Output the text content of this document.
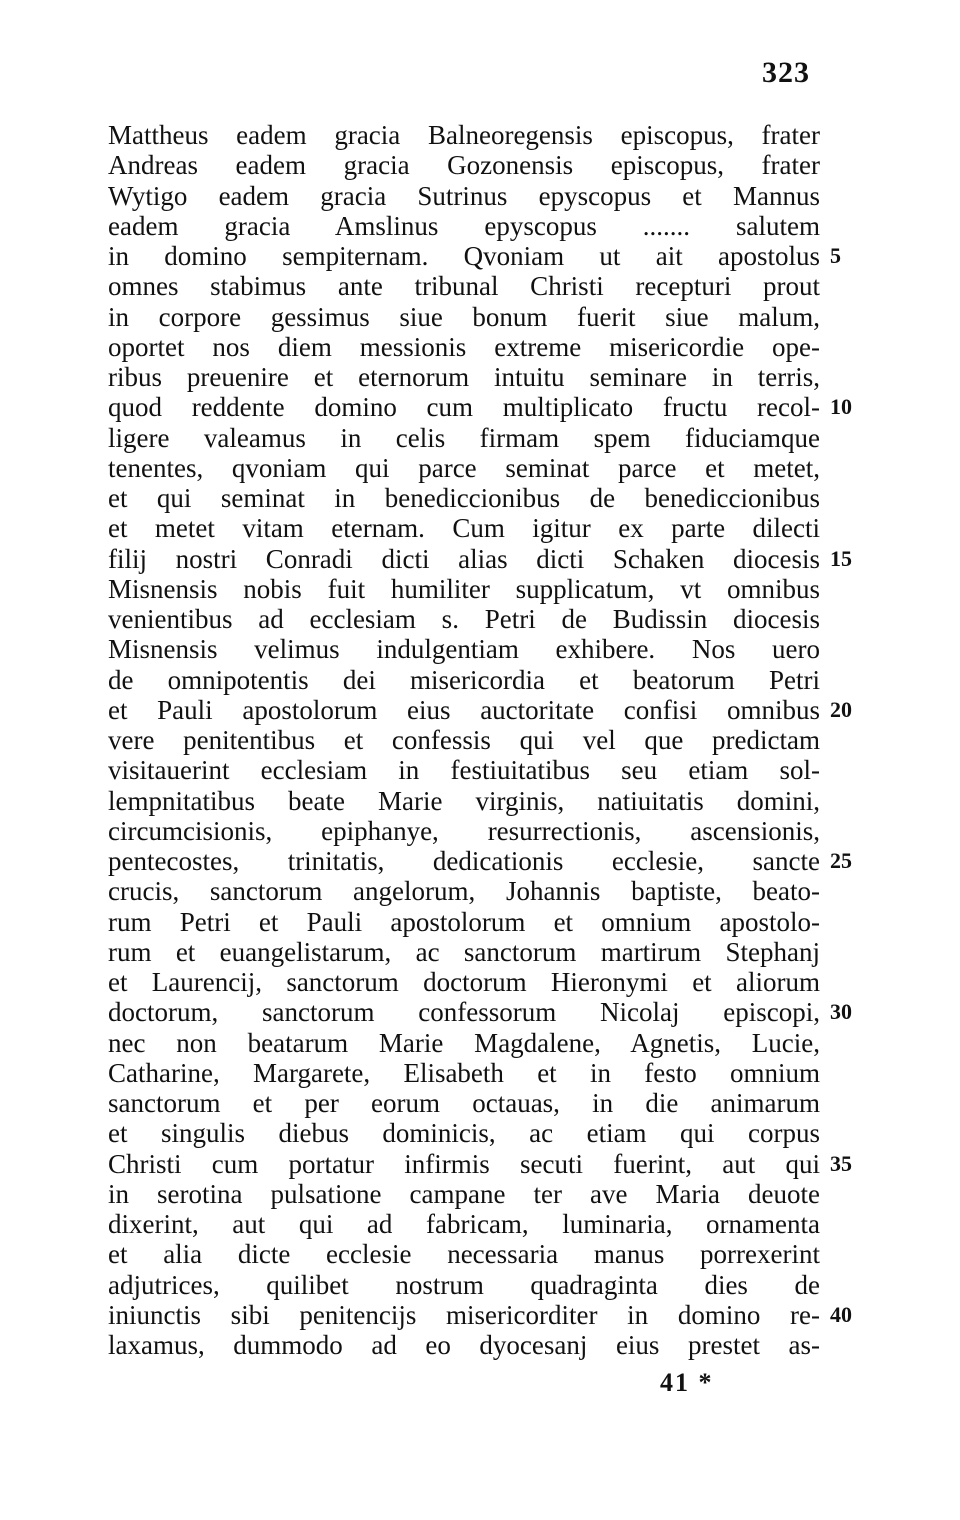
323
Mattheus eadem gracia Balneoregensis episcopus, frater
Andreas eadem gracia Gozonensis episcopus, frater
Wytigo eadem gracia Sutrinus epyscopus et Mannus
eadem gracia Amslinus epyscopus ....... salutem
in domino sempiternam. Qvoniam ut ait apostolus 5
omnes stabimus ante tribunal Christi recepturi prout
in corpore gessimus siue bonum fuerit siue malum,
oportet nos diem messionis extreme misericordie ope-
ribus preuenire et eternorum intuitu seminare in terris,
quod reddente domino cum multiplicato fructu recol- 10
ligere valeamus in celis firmam spem fiduciamque
tenentes, qvoniam qui parce seminat parce et metet,
et qui seminat in benediccionibus de benediccionibus
et metet vitam eternam. Cum igitur ex parte dilecti
filij nostri Conradi dicti alias dicti Schaken diocesis 15
Misnensis nobis fuit humiliter supplicatum, vt omnibus
venientibus ad ecclesiam s. Petri de Budissin diocesis
Misnensis velimus indulgentiam exhibere. Nos uero
de omnipotentis dei misericordia et beatorum Petri
et Pauli apostolorum eius auctoritate confisi omnibus 20
vere penitentibus et confessis qui vel que predictam
visitauerint ecclesiam in festiuitatibus seu etiam sol-
lempnitatibus beate Marie virginis, natiuitatis domini,
circumcisionis, epiphanye, resurrectionis, ascensionis,
pentecostes, trinitatis, dedicationis ecclesie, sancte 25
crucis, sanctorum angelorum, Johannis baptiste, beato-
rum Petri et Pauli apostolorum et omnium apostolo-
rum et euangelistarum, ac sanctorum martirum Stephanj
et Laurencij, sanctorum doctorum Hieronymi et aliorum
doctorum, sanctorum confessorum Nicolaj episcopi, 30
nec non beatarum Marie Magdalene, Agnetis, Lucie,
Catharine, Margarete, Elisabeth et in festo omnium
sanctorum et per eorum octauas, in die animarum
et singulis diebus dominicis, ac etiam qui corpus
Christi cum portatur infirmis secuti fuerint, aut qui 35
in serotina pulsatione campane ter ave Maria deuote
dixerint, aut qui ad fabricam, luminaria, ornamenta
et alia dicte ecclesie necessaria manus porrexerint
adjutrices, quilibet nostrum quadraginta dies de
iniunctis sibi penitencijs misericorditer in domino re- 40
laxamus, dummodo ad eo dyocesanj eius prestet as-
41 *
